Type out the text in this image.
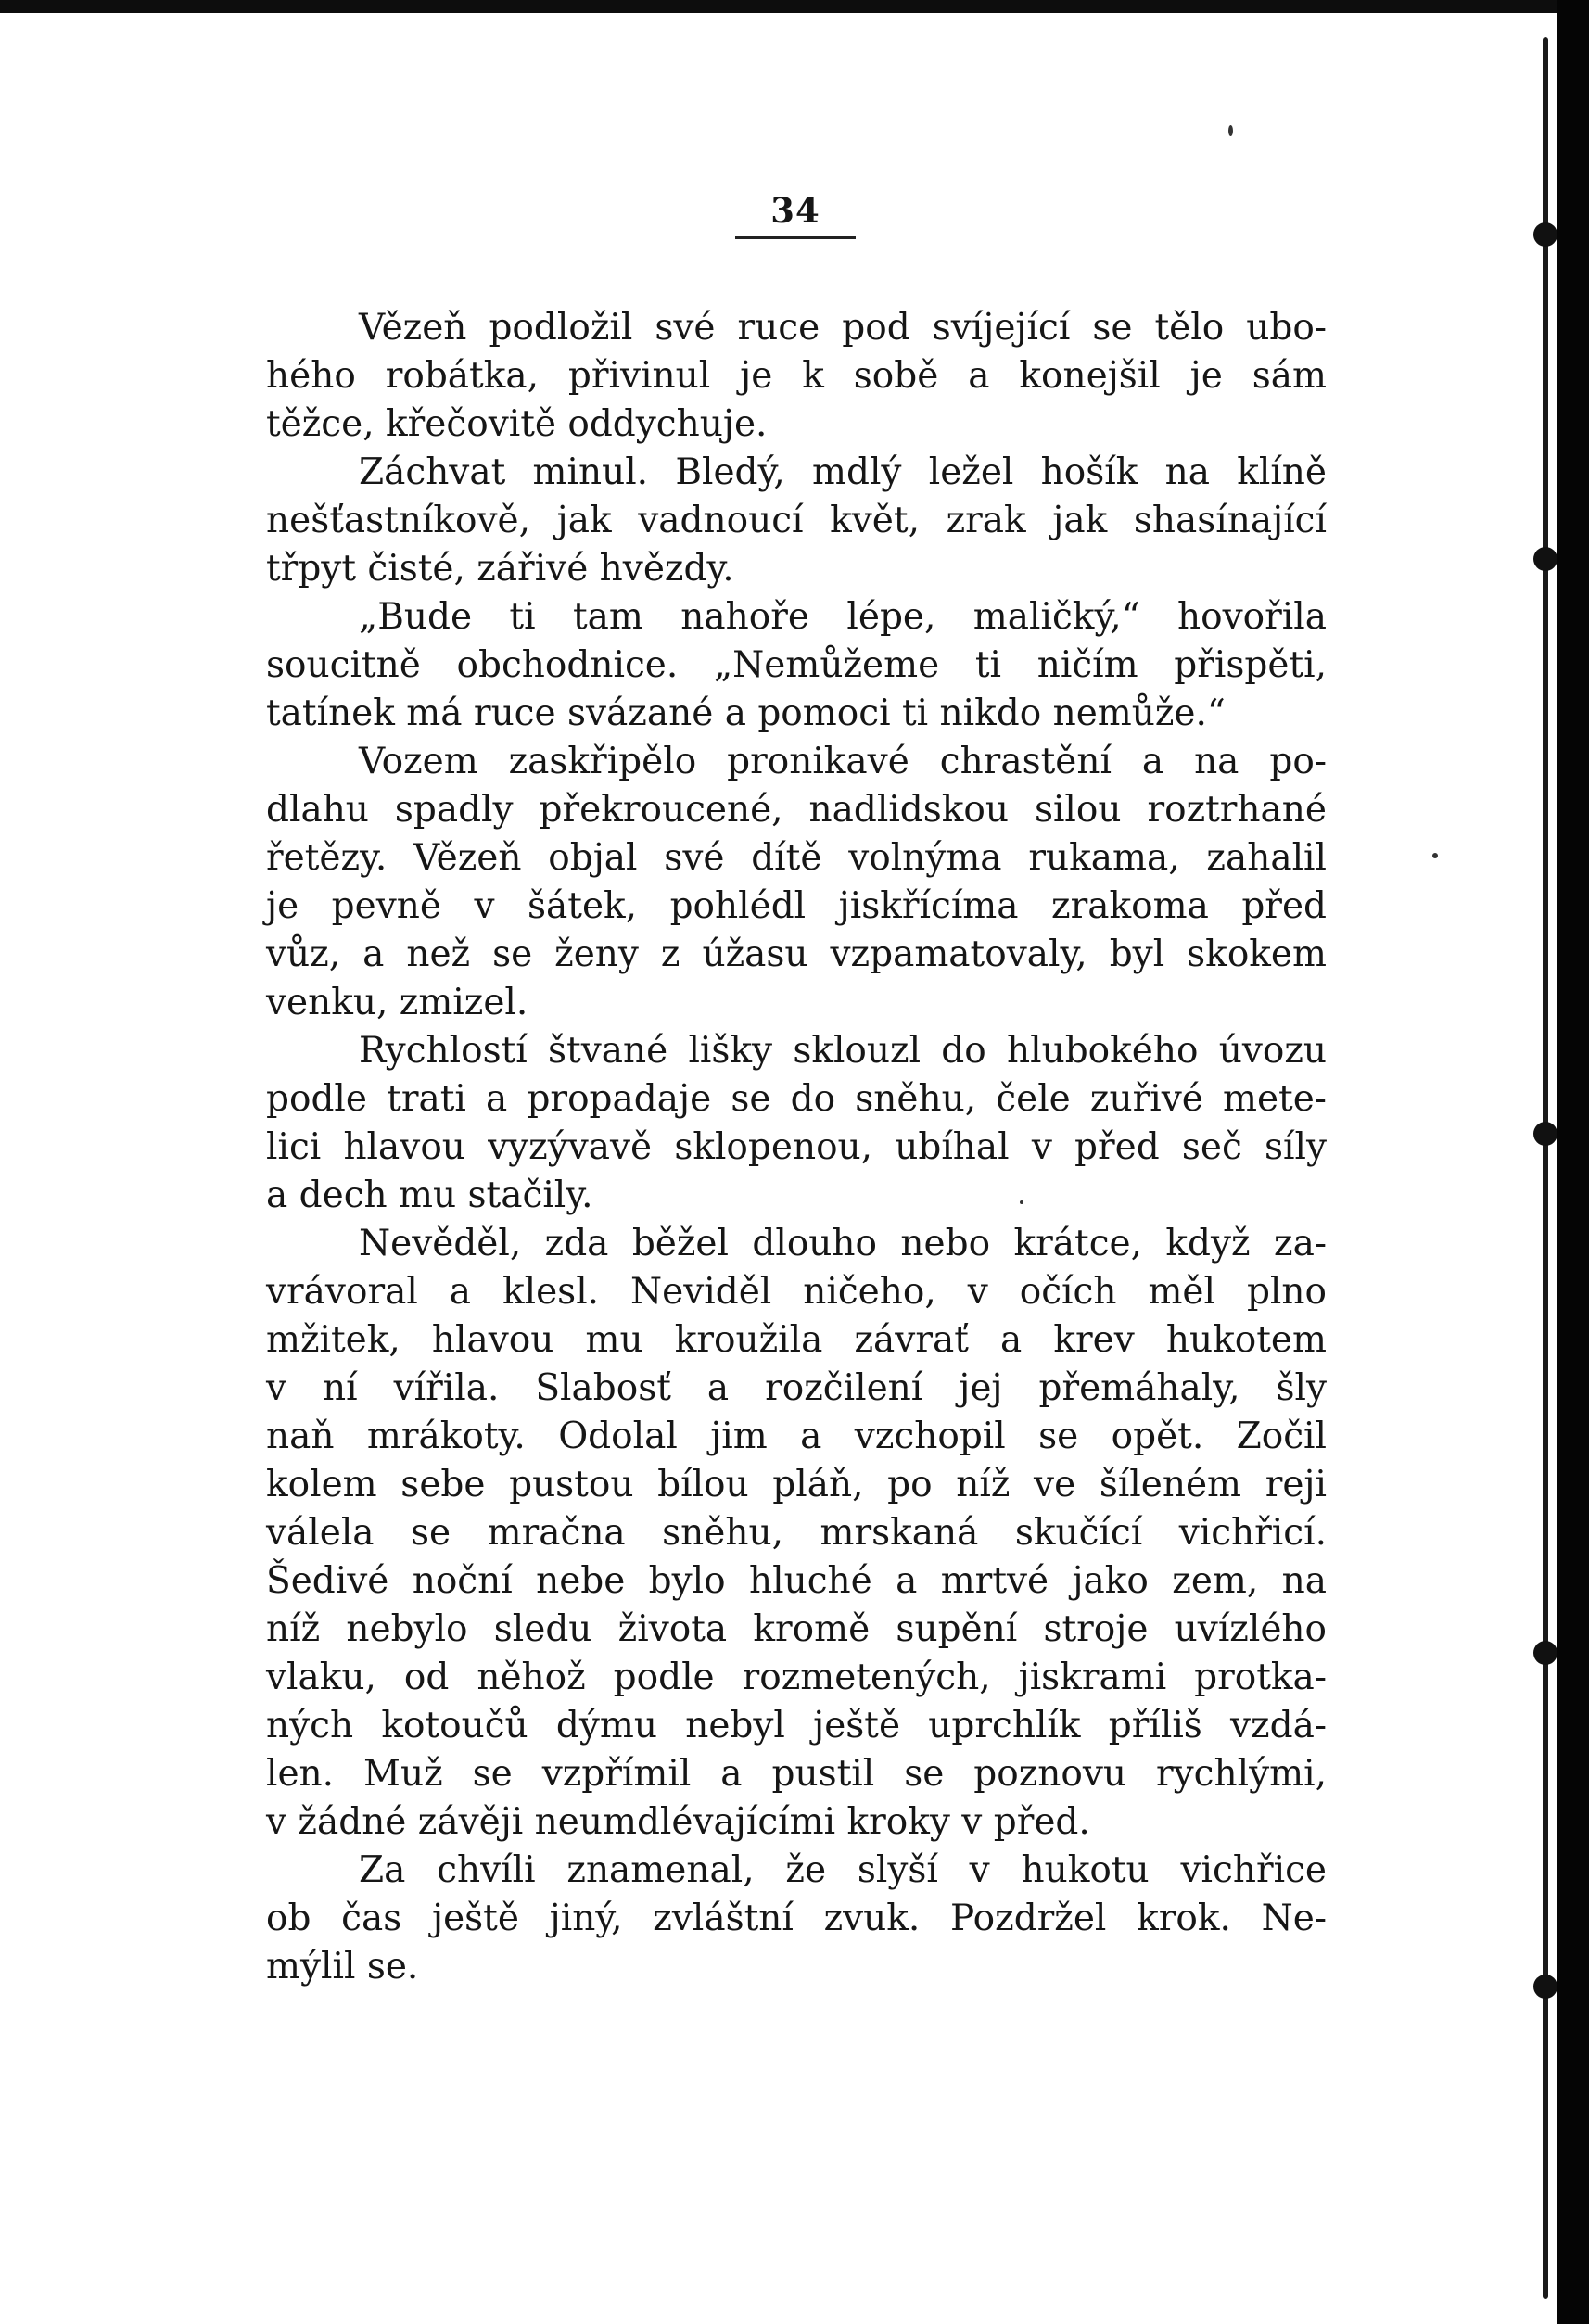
34
Vězeň podložil své ruce pod svíjející se tělo ubo-
hého robátka, přivinul je k sobě a konejšil je sám
těžce, křečovitě oddychuje.
Záchvat minul. Bledý, mdlý ležel hošík na klíně
nešťastníkově, jak vadnoucí květ, zrak jak shasínající
třpyt čisté, zářivé hvězdy.
„Bude ti tam nahoře lépe, maličký,“ hovořila
soucitně obchodnice. „Nemůžeme ti ničím přispěti,
tatínek má ruce svázané a pomoci ti nikdo nemůže.“
Vozem zaskřipělo pronikavé chrastění a na po-
dlahu spadly překroucené, nadlidskou silou roztrhané
řetězy. Vězeň objal své dítě volnýma rukama, zahalil
je pevně v šátek, pohlédl jiskřícíma zrakoma před
vůz, a než se ženy z úžasu vzpamatovaly, byl skokem
venku, zmizel.
Rychlostí štvané lišky sklouzl do hlubokého úvozu
podle trati a propadaje se do sněhu, čele zuřivé mete-
lici hlavou vyzývavě sklopenou, ubíhal v před seč síly
a dech mu stačily.
Nevěděl, zda běžel dlouho nebo krátce, když za-
vrávoral a klesl. Neviděl ničeho, v očích měl plno
mžitek, hlavou mu kroužila závrať a krev hukotem
v ní vířila. Slabosť a rozčilení jej přemáhaly, šly
naň mrákoty. Odolal jim a vzchopil se opět. Zočil
kolem sebe pustou bílou pláň, po níž ve šíleném reji
válela se mračna sněhu, mrskaná skučící vichřicí.
Šedivé noční nebe bylo hluché a mrtvé jako zem, na
níž nebylo sledu života kromě supění stroje uvízlého
vlaku, od něhož podle rozmetených, jiskrami protka-
ných kotoučů dýmu nebyl ještě uprchlík příliš vzdá-
len. Muž se vzpřímil a pustil se poznovu rychlými,
v žádné závěji neumdlévajícími kroky v před.
Za chvíli znamenal, že slyší v hukotu vichřice
ob čas ještě jiný, zvláštní zvuk. Pozdržel krok. Ne-
mýlil se.
